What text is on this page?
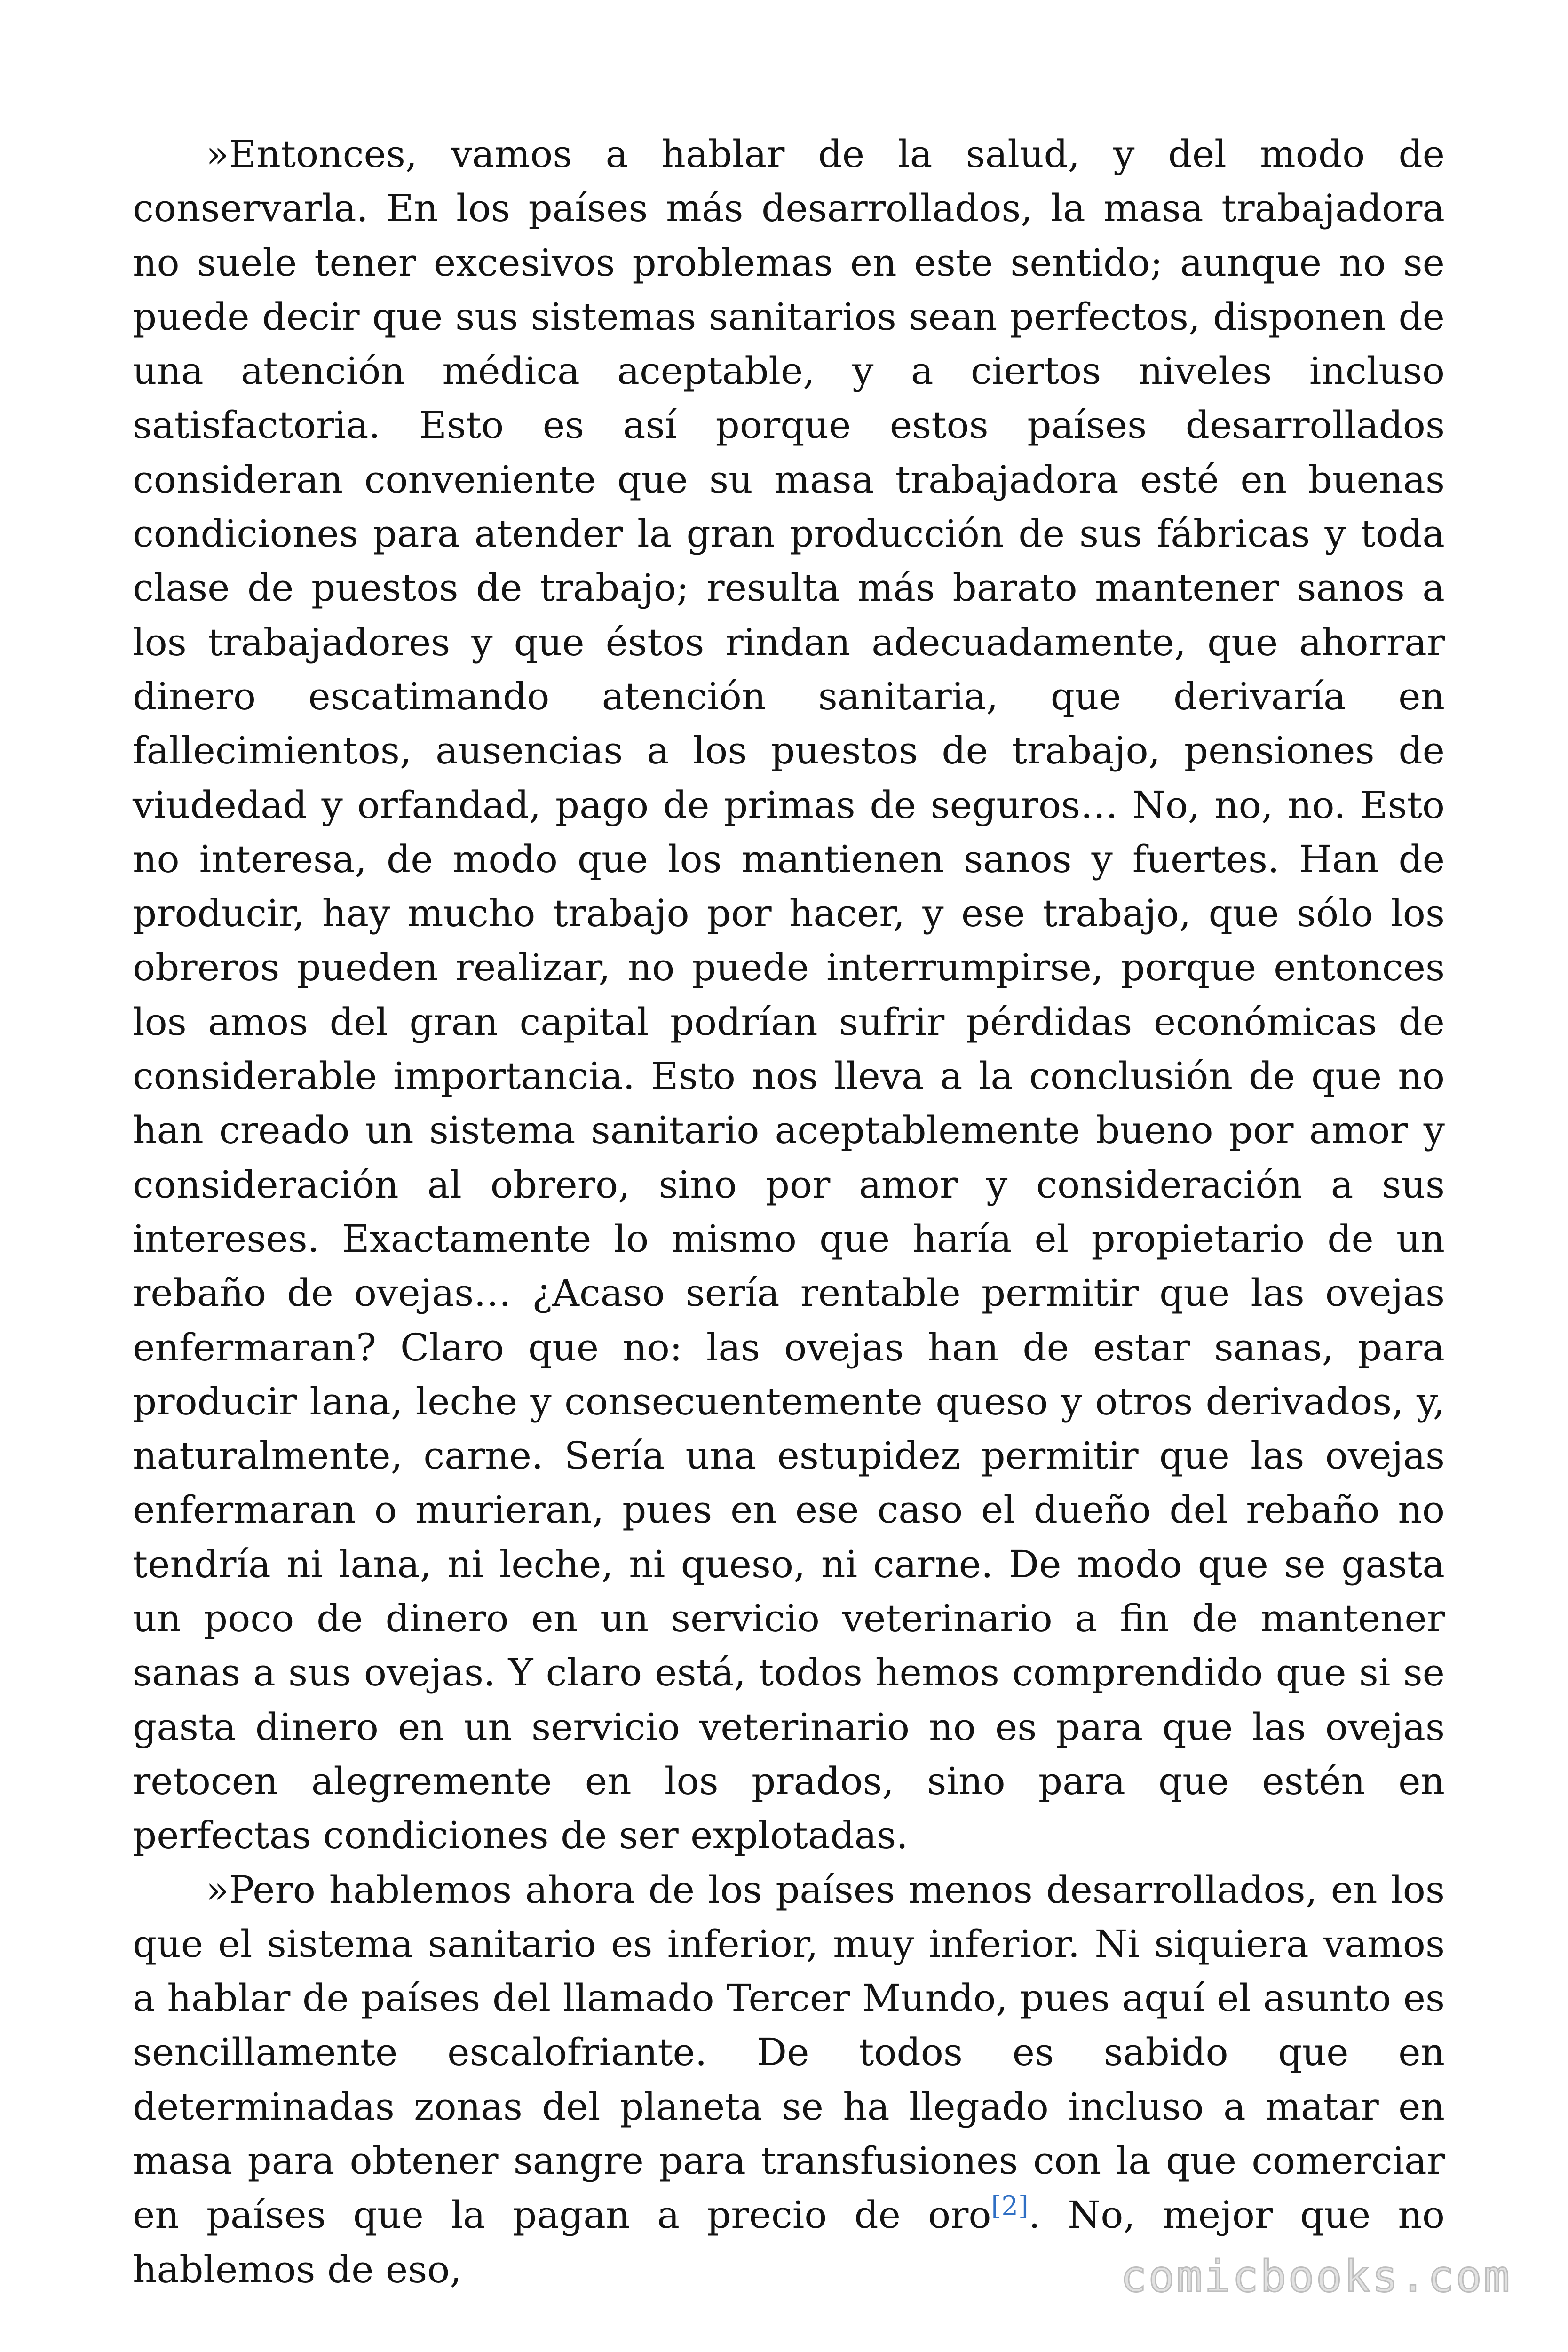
»Entonces, vamos a hablar de la salud, y del modo de conservarla. En los países más desarrollados, la masa trabajadora no suele tener excesivos problemas en este sentido; aunque no se puede decir que sus sistemas sanitarios sean perfectos, disponen de una atención médica aceptable, y a ciertos niveles incluso satisfactoria. Esto es así porque estos países desarrollados consideran conveniente que su masa trabajadora esté en buenas condiciones para atender la gran producción de sus fábricas y toda clase de puestos de trabajo; resulta más barato mantener sanos a los trabajadores y que éstos rindan adecuadamente, que ahorrar dinero escatimando atención sanitaria, que derivaría en fallecimientos, ausencias a los puestos de trabajo, pensiones de viudedad y orfandad, pago de primas de seguros… No, no, no. Esto no interesa, de modo que los mantienen sanos y fuertes. Han de producir, hay mucho trabajo por hacer, y ese trabajo, que sólo los obreros pueden realizar, no puede interrumpirse, porque entonces los amos del gran capital podrían sufrir pérdidas económicas de considerable importancia. Esto nos lleva a la conclusión de que no han creado un sistema sanitario aceptablemente bueno por amor y consideración al obrero, sino por amor y consideración a sus intereses. Exactamente lo mismo que haría el propietario de un rebaño de ovejas… ¿Acaso sería rentable permitir que las ovejas enfermaran? Claro que no: las ovejas han de estar sanas, para producir lana, leche y consecuentemente queso y otros derivados, y, naturalmente, carne. Sería una estupidez permitir que las ovejas enfermaran o murieran, pues en ese caso el dueño del rebaño no tendría ni lana, ni leche, ni queso, ni carne. De modo que se gasta un poco de dinero en un servicio veterinario a fin de mantener sanas a sus ovejas. Y claro está, todos hemos comprendido que si se gasta dinero en un servicio veterinario no es para que las ovejas retocen alegremente en los prados, sino para que estén en perfectas condiciones de ser explotadas.

»Pero hablemos ahora de los países menos desarrollados, en los que el sistema sanitario es inferior, muy inferior. Ni siquiera vamos a hablar de países del llamado Tercer Mundo, pues aquí el asunto es sencillamente escalofriante. De todos es sabido que en determinadas zonas del planeta se ha llegado incluso a matar en masa para obtener sangre para transfusiones con la que comerciar en países que la pagan a precio de oro[2]. No, mejor que no hablemos de eso,	comicbooks.com
